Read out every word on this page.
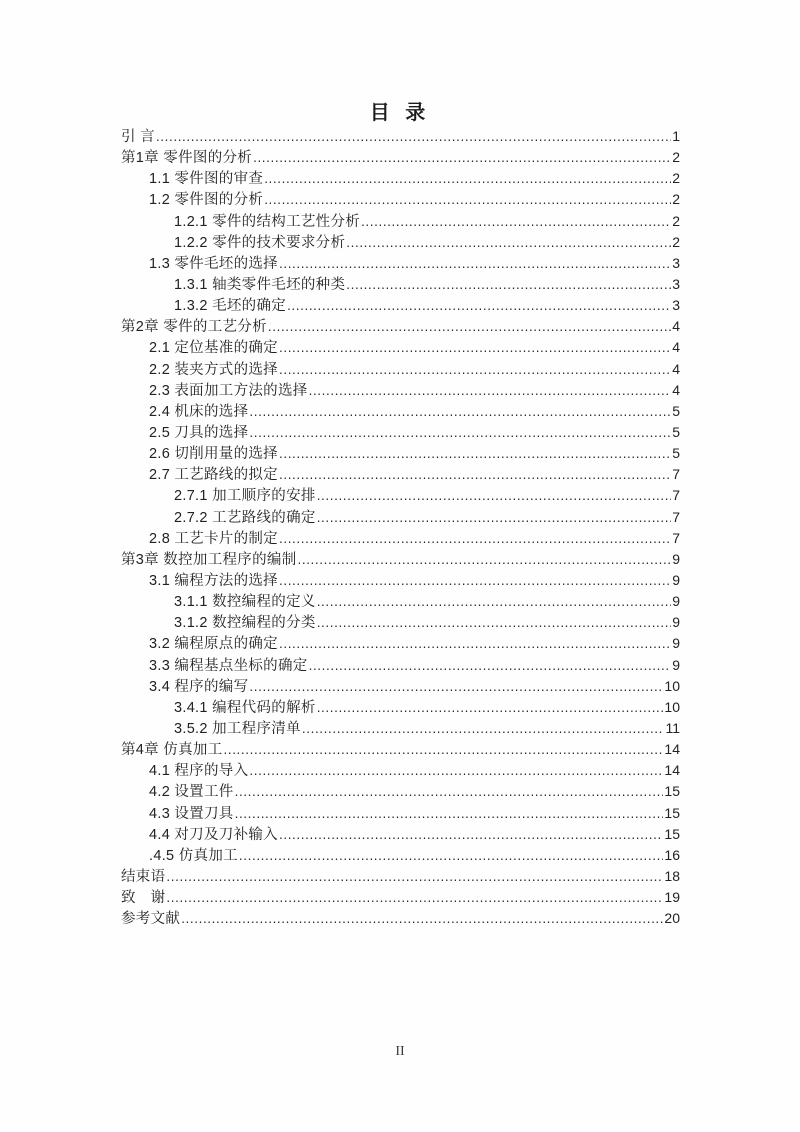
目 录
引 言 .....	1
第1章 零件图的分析 .....	2
1.1 零件图的审查 .....	2
1.2 零件图的分析 .....	2
1.2.1 零件的结构工艺性分析 .....	2
1.2.2 零件的技术要求分析 .....	2
1.3 零件毛坯的选择 .....	3
1.3.1 轴类零件毛坯的种类 .....	3
1.3.2 毛坯的确定 .....	3
第2章 零件的工艺分析 .....	4
2.1 定位基准的确定 .....	4
2.2 装夹方式的选择 .....	4
2.3 表面加工方法的选择 .....	4
2.4 机床的选择 .....	5
2.5 刀具的选择 .....	5
2.6 切削用量的选择 .....	5
2.7 工艺路线的拟定 .....	7
2.7.1 加工顺序的安排 .....	7
2.7.2 工艺路线的确定 .....	7
2.8 工艺卡片的制定 .....	7
第3章 数控加工程序的编制 .....	9
3.1 编程方法的选择 .....	9
3.1.1 数控编程的定义 .....	9
3.1.2 数控编程的分类 .....	9
3.2 编程原点的确定 .....	9
3.3 编程基点坐标的确定 .....	9
3.4 程序的编写 .....	10
3.4.1 编程代码的解析 .....	10
3.5.2 加工程序清单 .....	11
第4章 仿真加工 .....	14
4.1 程序的导入 .....	14
4.2 设置工件 .....	15
4.3 设置刀具 .....	15
4.4 对刀及刀补输入 .....	15
.4.5 仿真加工 .....	16
结束语 .....	18
致　谢 .....	19
参考文献 .....	20
II
